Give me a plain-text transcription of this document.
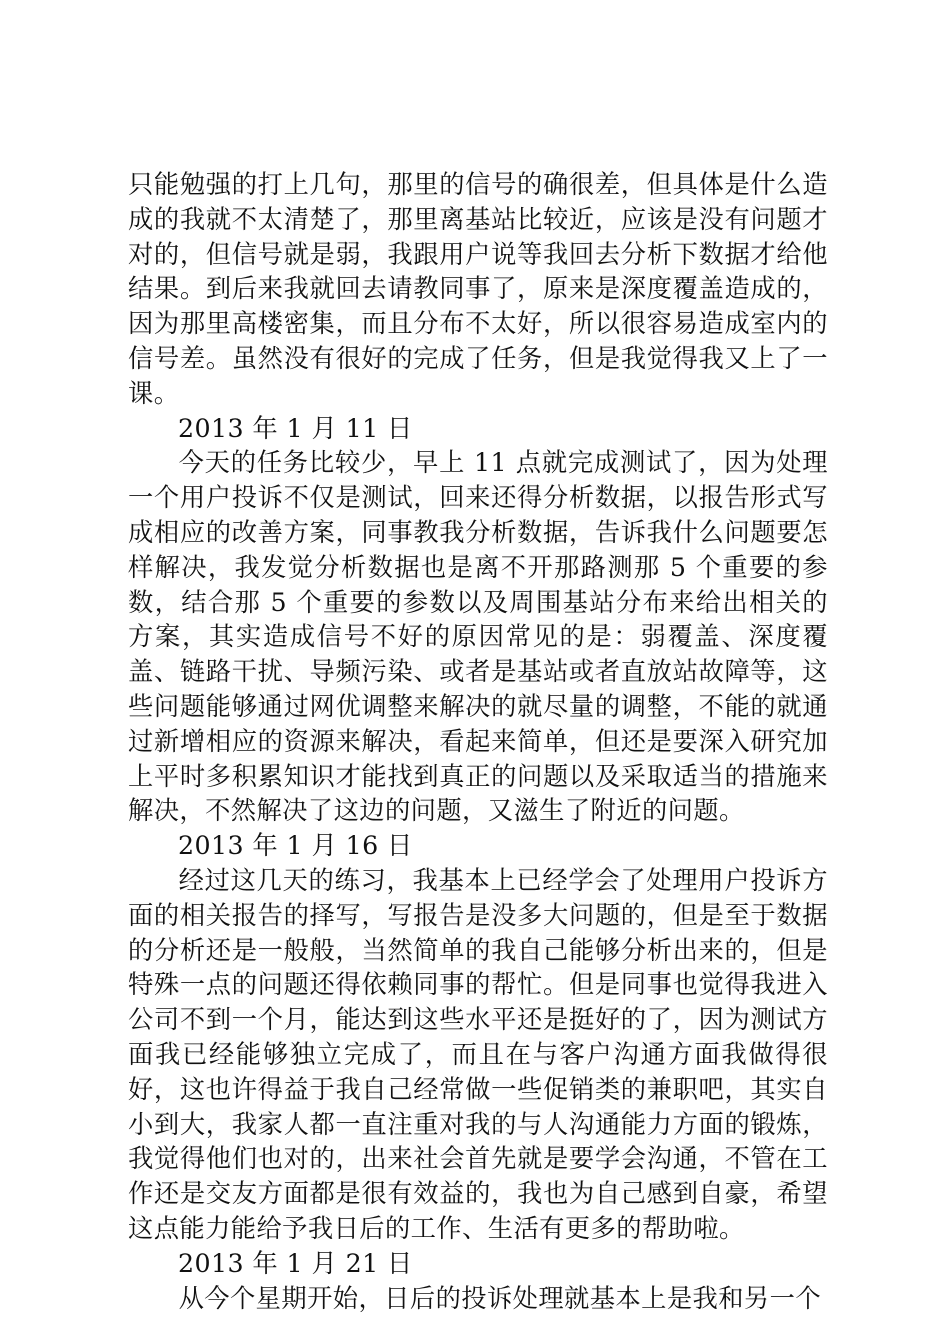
只能勉强的打上几句，那里的信号的确很差，但具体是什么造成的我就不太清楚了，那里离基站比较近，应该是没有问题才对的，但信号就是弱，我跟用户说等我回去分析下数据才给他结果。到后来我就回去请教同事了，原来是深度覆盖造成的，因为那里高楼密集，而且分布不太好，所以很容易造成室内的信号差。虽然没有很好的完成了任务，但是我觉得我又上了一课。

2013 年 1 月 11 日

今天的任务比较少，早上 11 点就完成测试了，因为处理一个用户投诉不仅是测试，回来还得分析数据，以报告形式写成相应的改善方案，同事教我分析数据，告诉我什么问题要怎样解决，我发觉分析数据也是离不开那路测那 5 个重要的参数，结合那 5 个重要的参数以及周围基站分布来给出相关的方案，其实造成信号不好的原因常见的是：弱覆盖、深度覆盖、链路干扰、导频污染、或者是基站或者直放站故障等，这些问题能够通过网优调整来解决的就尽量的调整，不能的就通过新增相应的资源来解决，看起来简单，但还是要深入研究加上平时多积累知识才能找到真正的问题以及采取适当的措施来解决，不然解决了这边的问题，又滋生了附近的问题。

2013 年 1 月 16 日

经过这几天的练习，我基本上已经学会了处理用户投诉方面的相关报告的择写，写报告是没多大问题的，但是至于数据的分析还是一般般，当然简单的我自己能够分析出来的，但是特殊一点的问题还得依赖同事的帮忙。但是同事也觉得我进入公司不到一个月，能达到这些水平还是挺好的了，因为测试方面我已经能够独立完成了，而且在与客户沟通方面我做得很好，这也许得益于我自己经常做一些促销类的兼职吧，其实自小到大，我家人都一直注重对我的与人沟通能力方面的锻炼，我觉得他们也对的，出来社会首先就是要学会沟通，不管在工作还是交友方面都是很有效益的，我也为自己感到自豪，希望这点能力能给予我日后的工作、生活有更多的帮助啦。

2013 年 1 月 21 日

从今个星期开始，日后的投诉处理就基本上是我和另一个
